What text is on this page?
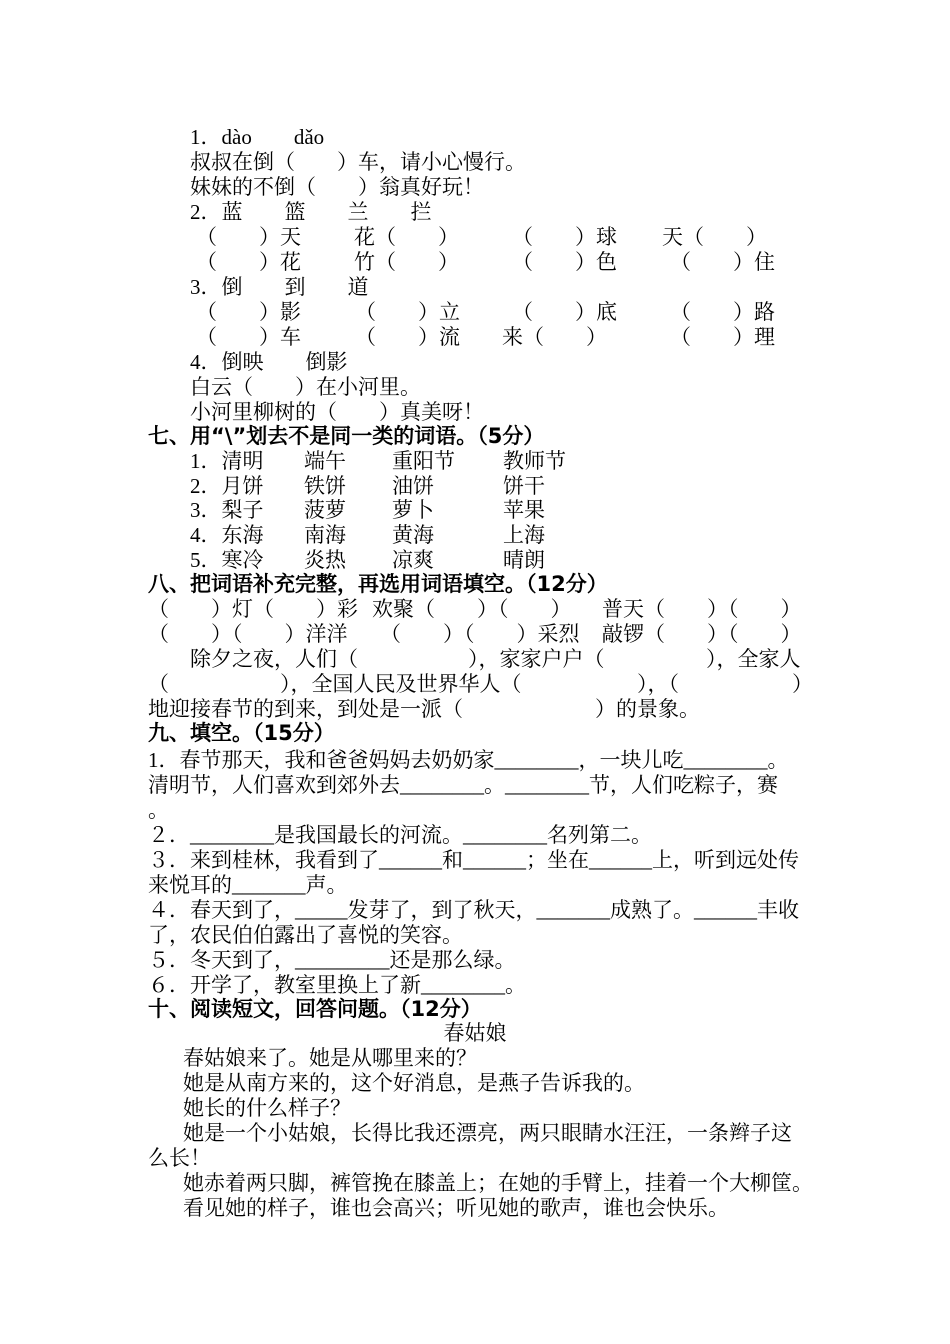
1．dào　　dǎo
叔叔在倒（　　）车，请小心慢行。
妹妹的不倒（　　）翁真好玩！
2．蓝　　篮　　兰　　拦
（　　）天	花（　　）	（　　）球 天（　　）
（　　）花	竹（　　）	（　　）色	（　　）住
3．倒　　到　　道
（　　）影	（　　）立 （　　）底	（　　）路
（　　）车	（　　）流 来（　　）	（　　）理
4．倒映　　倒影
白云（　　）在小河里。
小河里柳树的（　　）真美呀！
七、用“\”划去不是同一类的词语。（5分）
1．清明 端午 重阳节 教师节
2．月饼 铁饼 油饼	饼干
3．梨子 菠萝 萝卜	苹果
4．东海 南海 黄海	上海
5．寒冷 炎热 凉爽	晴朗
八、把词语补充完整，再选用词语填空。（12分）
（　　）灯（　　）彩 欢聚（　　）（　　） 普天（　　）（　　）
（　　）（　　）洋洋 （　　）（　　）采烈 敲锣（　　）（　　）
除夕之夜，人们（	），家家户户（	），全家人
（	），全国人民及世界华人（	），（	）
地迎接春节的到来，到处是一派（	）的景象。
九、填空。（15分）
1．春节那天，我和爸爸妈妈去奶奶家________，一块儿吃________。
清明节，人们喜欢到郊外去________。________节，人们吃粽子，赛
。
２．________是我国最长的河流。________名列第二。
３．来到桂林，我看到了______和______；坐在______上，听到远处传
来悦耳的_______声。
４．春天到了，_____发芽了，到了秋天，_______成熟了。______丰收
了，农民伯伯露出了喜悦的笑容。
５．冬天到了，_________还是那么绿。
６．开学了，教室里换上了新________。
十、阅读短文，回答问题。（12分）
春姑娘
春姑娘来了。她是从哪里来的？
她是从南方来的，这个好消息，是燕子告诉我的。
她长的什么样子？
她是一个小姑娘，长得比我还漂亮，两只眼睛水汪汪，一条辫子这
么长！
她赤着两只脚，裤管挽在膝盖上；在她的手臂上，挂着一个大柳筐。
看见她的样子，谁也会高兴；听见她的歌声，谁也会快乐。
